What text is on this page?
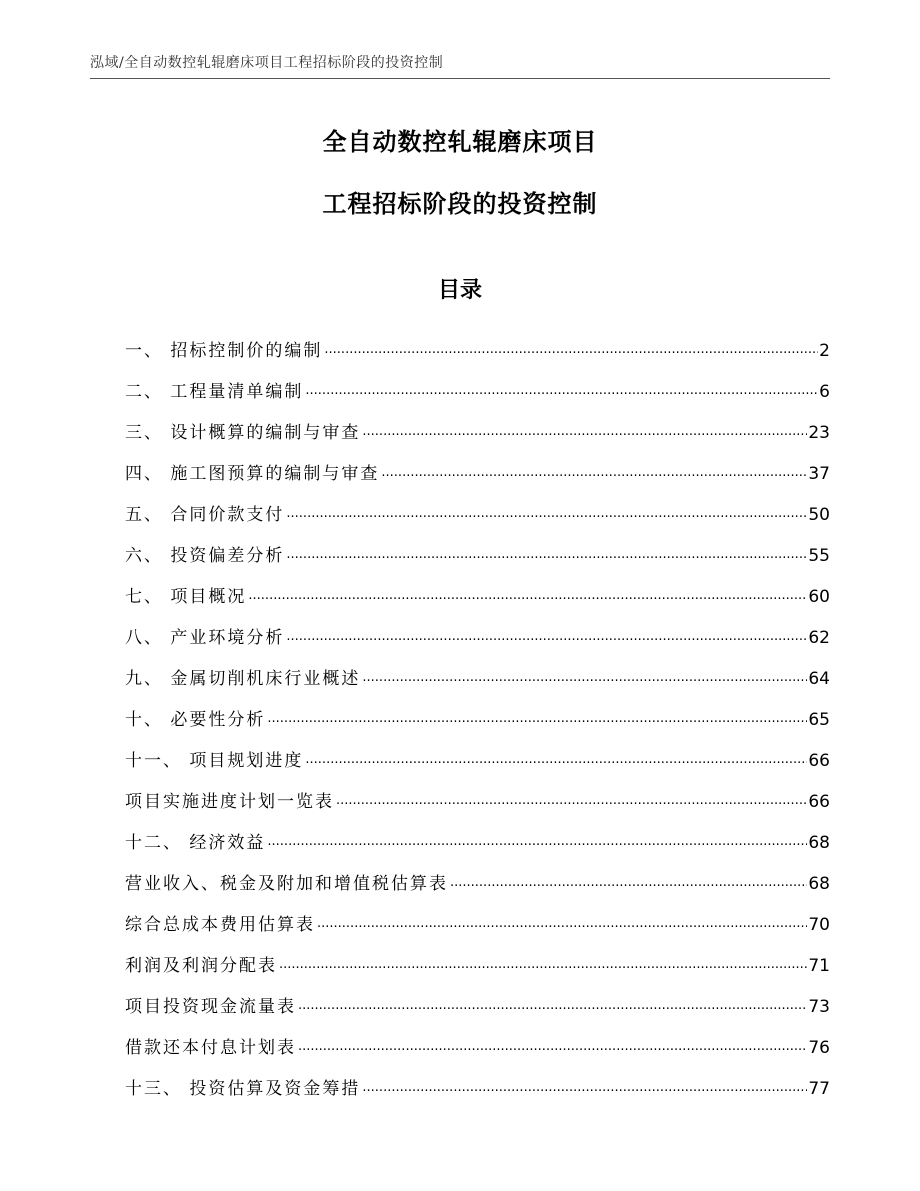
泓域/全自动数控轧辊磨床项目工程招标阶段的投资控制
全自动数控轧辊磨床项目
工程招标阶段的投资控制
目录
一、 招标控制价的编制 .....	2
二、 工程量清单编制 .....	6
三、 设计概算的编制与审查 .....	23
四、 施工图预算的编制与审查 .....	37
五、 合同价款支付 .....	50
六、 投资偏差分析 .....	55
七、 项目概况 .....	60
八、 产业环境分析 .....	62
九、 金属切削机床行业概述 .....	64
十、 必要性分析 .....	65
十一、 项目规划进度 .....	66
项目实施进度计划一览表 .....	66
十二、 经济效益 .....	68
营业收入、税金及附加和增值税估算表 .....	68
综合总成本费用估算表 .....	70
利润及利润分配表 .....	71
项目投资现金流量表 .....	73
借款还本付息计划表 .....	76
十三、 投资估算及资金筹措 .....	77
